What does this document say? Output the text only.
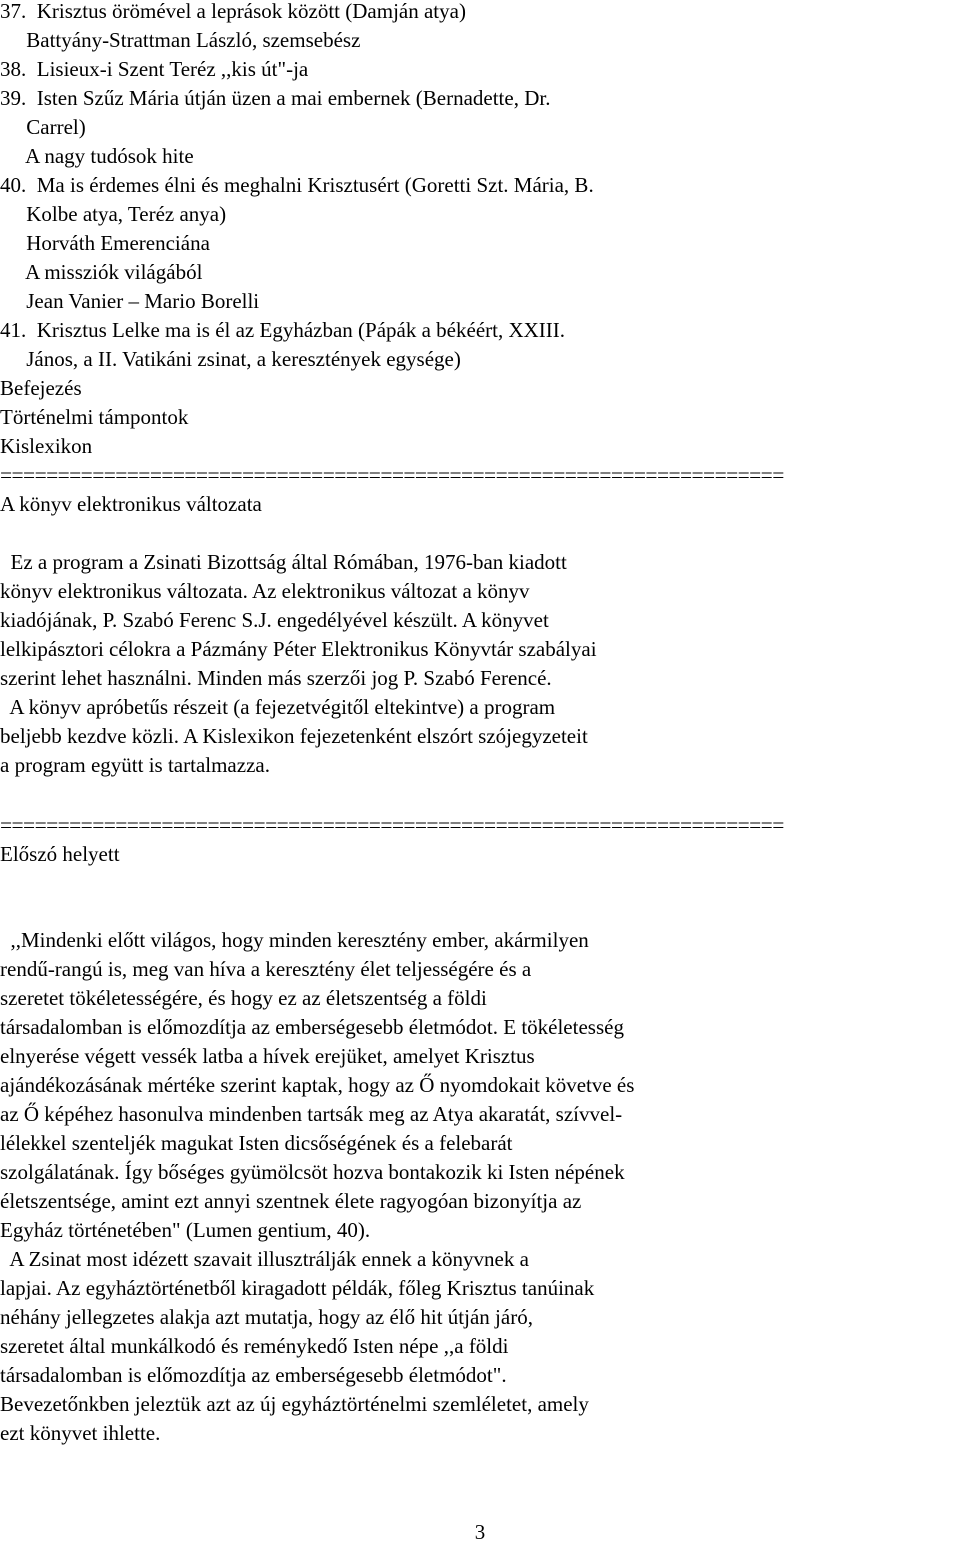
37.  Krisztus örömével a leprások között (Damján atya)
Battyány-Strattman László, szemsebész
38.  Lisieux-i Szent Teréz ,,kis út"-ja
39.  Isten Szűz Mária útján üzen a mai embernek (Bernadette, Dr.
Carrel)
A nagy tudósok hite
40.  Ma is érdemes élni és meghalni Krisztusért (Goretti Szt. Mária, B.
Kolbe atya, Teréz anya)
Horváth Emerenciána
A missziók világából
Jean Vanier – Mario Borelli
41.  Krisztus Lelke ma is él az Egyházban (Pápák a békéért, XXIII.
János, a II. Vatikáni zsinat, a keresztények egysége)
Befejezés
Történelmi támpontok
Kislexikon
====================================================================
A könyv elektronikus változata
Ez a program a Zsinati Bizottság által Rómában, 1976-ban kiadott
könyv elektronikus változata. Az elektronikus változat a könyv
kiadójának, P. Szabó Ferenc S.J. engedélyével készült. A könyvet
lelkipásztori célokra a Pázmány Péter Elektronikus Könyvtár szabályai
szerint lehet használni. Minden más szerzői jog P. Szabó Ferencé.
A könyv apróbetűs részeit (a fejezetvégitől eltekintve) a program
beljebb kezdve közli. A Kislexikon fejezetenként elszórt szójegyzeteit
a program együtt is tartalmazza.
====================================================================
Előszó helyett
,,Mindenki előtt világos, hogy minden keresztény ember, akármilyen
rendű-rangú is, meg van híva a keresztény élet teljességére és a
szeretet tökéletességére, és hogy ez az életszentség a földi
társadalomban is előmozdítja az emberségesebb életmódot. E tökéletesség
elnyerése végett vessék latba a hívek erejüket, amelyet Krisztus
ajándékozásának mértéke szerint kaptak, hogy az Ő nyomdokait követve és
az Ő képéhez hasonulva mindenben tartsák meg az Atya akaratát, szívvel-
lélekkel szenteljék magukat Isten dicsőségének és a felebarát
szolgálatának. Így bőséges gyümölcsöt hozva bontakozik ki Isten népének
életszentsége, amint ezt annyi szentnek élete ragyogóan bizonyítja az
Egyház történetében" (Lumen gentium, 40).
A Zsinat most idézett szavait illusztrálják ennek a könyvnek a
lapjai. Az egyháztörténetből kiragadott példák, főleg Krisztus tanúinak
néhány jellegzetes alakja azt mutatja, hogy az élő hit útján járó,
szeretet által munkálkodó és reménykedő Isten népe ,,a földi
társadalomban is előmozdítja az emberségesebb életmódot".
Bevezetőnkben jeleztük azt az új egyháztörténelmi szemléletet, amely
ezt könyvet ihlette.
3
